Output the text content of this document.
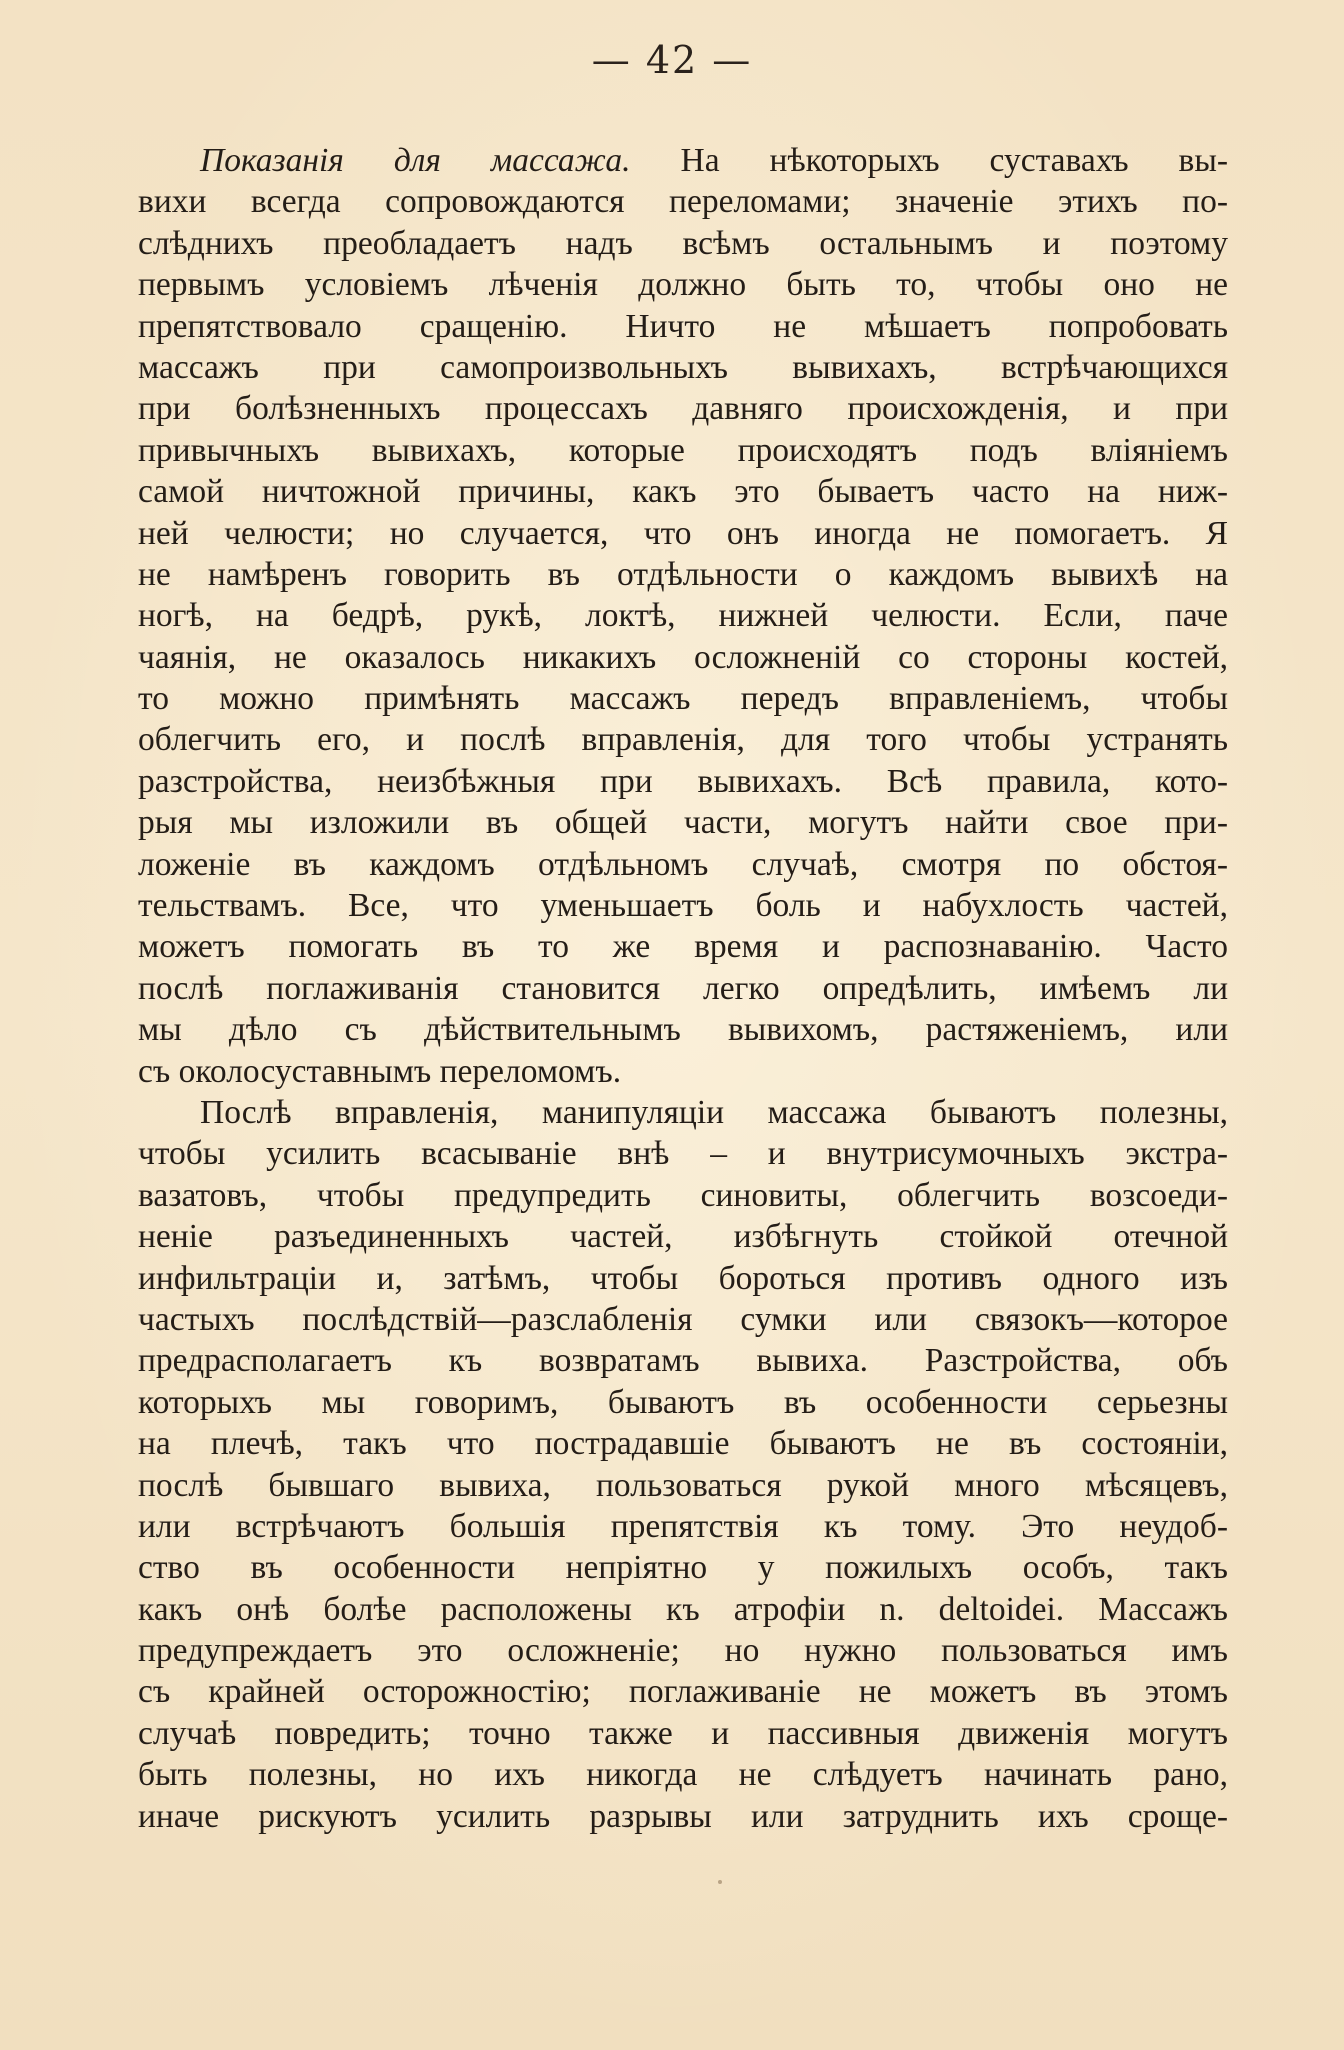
— 42 —
Показанія для массажа. На нѣкоторыхъ суставахъ вы-
вихи всегда сопровождаются переломами; значеніе этихъ по-
слѣднихъ преобладаетъ надъ всѣмъ остальнымъ и поэтому
первымъ условіемъ лѣченія должно быть то, чтобы оно не
препятствовало сращенію. Ничто не мѣшаетъ попробовать
массажъ при самопроизвольныхъ вывихахъ, встрѣчающихся
при болѣзненныхъ процессахъ давняго происхожденія, и при
привычныхъ вывихахъ, которые происходятъ подъ вліяніемъ
самой ничтожной причины, какъ это бываетъ часто на ниж-
ней челюсти; но случается, что онъ иногда не помогаетъ. Я
не намѣренъ говорить въ отдѣльности о каждомъ вывихѣ на
ногѣ, на бедрѣ, рукѣ, локтѣ, нижней челюсти. Если, паче
чаянія, не оказалось никакихъ осложненій со стороны костей,
то можно примѣнять массажъ передъ вправленіемъ, чтобы
облегчить его, и послѣ вправленія, для того чтобы устранять
разстройства, неизбѣжныя при вывихахъ. Всѣ правила, кото-
рыя мы изложили въ общей части, могутъ найти свое при-
ложеніе въ каждомъ отдѣльномъ случаѣ, смотря по обстоя-
тельствамъ. Все, что уменьшаетъ боль и набухлость частей,
можетъ помогать въ то же время и распознаванію. Часто
послѣ поглаживанія становится легко опредѣлить, имѣемъ ли
мы дѣло съ дѣйствительнымъ вывихомъ, растяженіемъ, или
съ околосуставнымъ переломомъ.
Послѣ вправленія, манипуляціи массажа бываютъ полезны,
чтобы усилить всасываніе внѣ – и внутрисумочныхъ экстра-
вазатовъ, чтобы предупредить синовиты, облегчить возсоеди-
неніе разъединенныхъ частей, избѣгнуть стойкой отечной
инфильтраціи и, затѣмъ, чтобы бороться противъ одного изъ
частыхъ послѣдствій—разслабленія сумки или связокъ—которое
предрасполагаетъ къ возвратамъ вывиха. Разстройства, объ
которыхъ мы говоримъ, бываютъ въ особенности серьезны
на плечѣ, такъ что пострадавшіе бываютъ не въ состояніи,
послѣ бывшаго вывиха, пользоваться рукой много мѣсяцевъ,
или встрѣчаютъ большія препятствія къ тому. Это неудоб-
ство въ особенности непріятно у пожилыхъ особъ, такъ
какъ онѣ болѣе расположены къ атрофіи n. deltoidei. Массажъ
предупреждаетъ это осложненіе; но нужно пользоваться имъ
съ крайней осторожностію; поглаживаніе не можетъ въ этомъ
случаѣ повредить; точно также и пассивныя движенія могутъ
быть полезны, но ихъ никогда не слѣдуетъ начинать рано,
иначе рискуютъ усилить разрывы или затруднить ихъ срoще-
